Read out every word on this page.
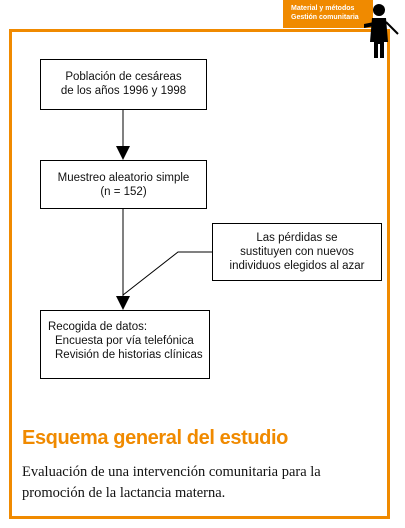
Material y métodos
Gestión comunitaria
Población de cesáreas
de los años 1996 y 1998
Muestreo aleatorio simple
(n = 152)
Las pérdidas se
sustituyen con nuevos
individuos elegidos al azar
Recogida de datos:
Encuesta por vía telefónica
Revisión de historias clínicas
Esquema general del estudio
Evaluación de una intervención comunitaria para la promoción de la lactancia materna.
